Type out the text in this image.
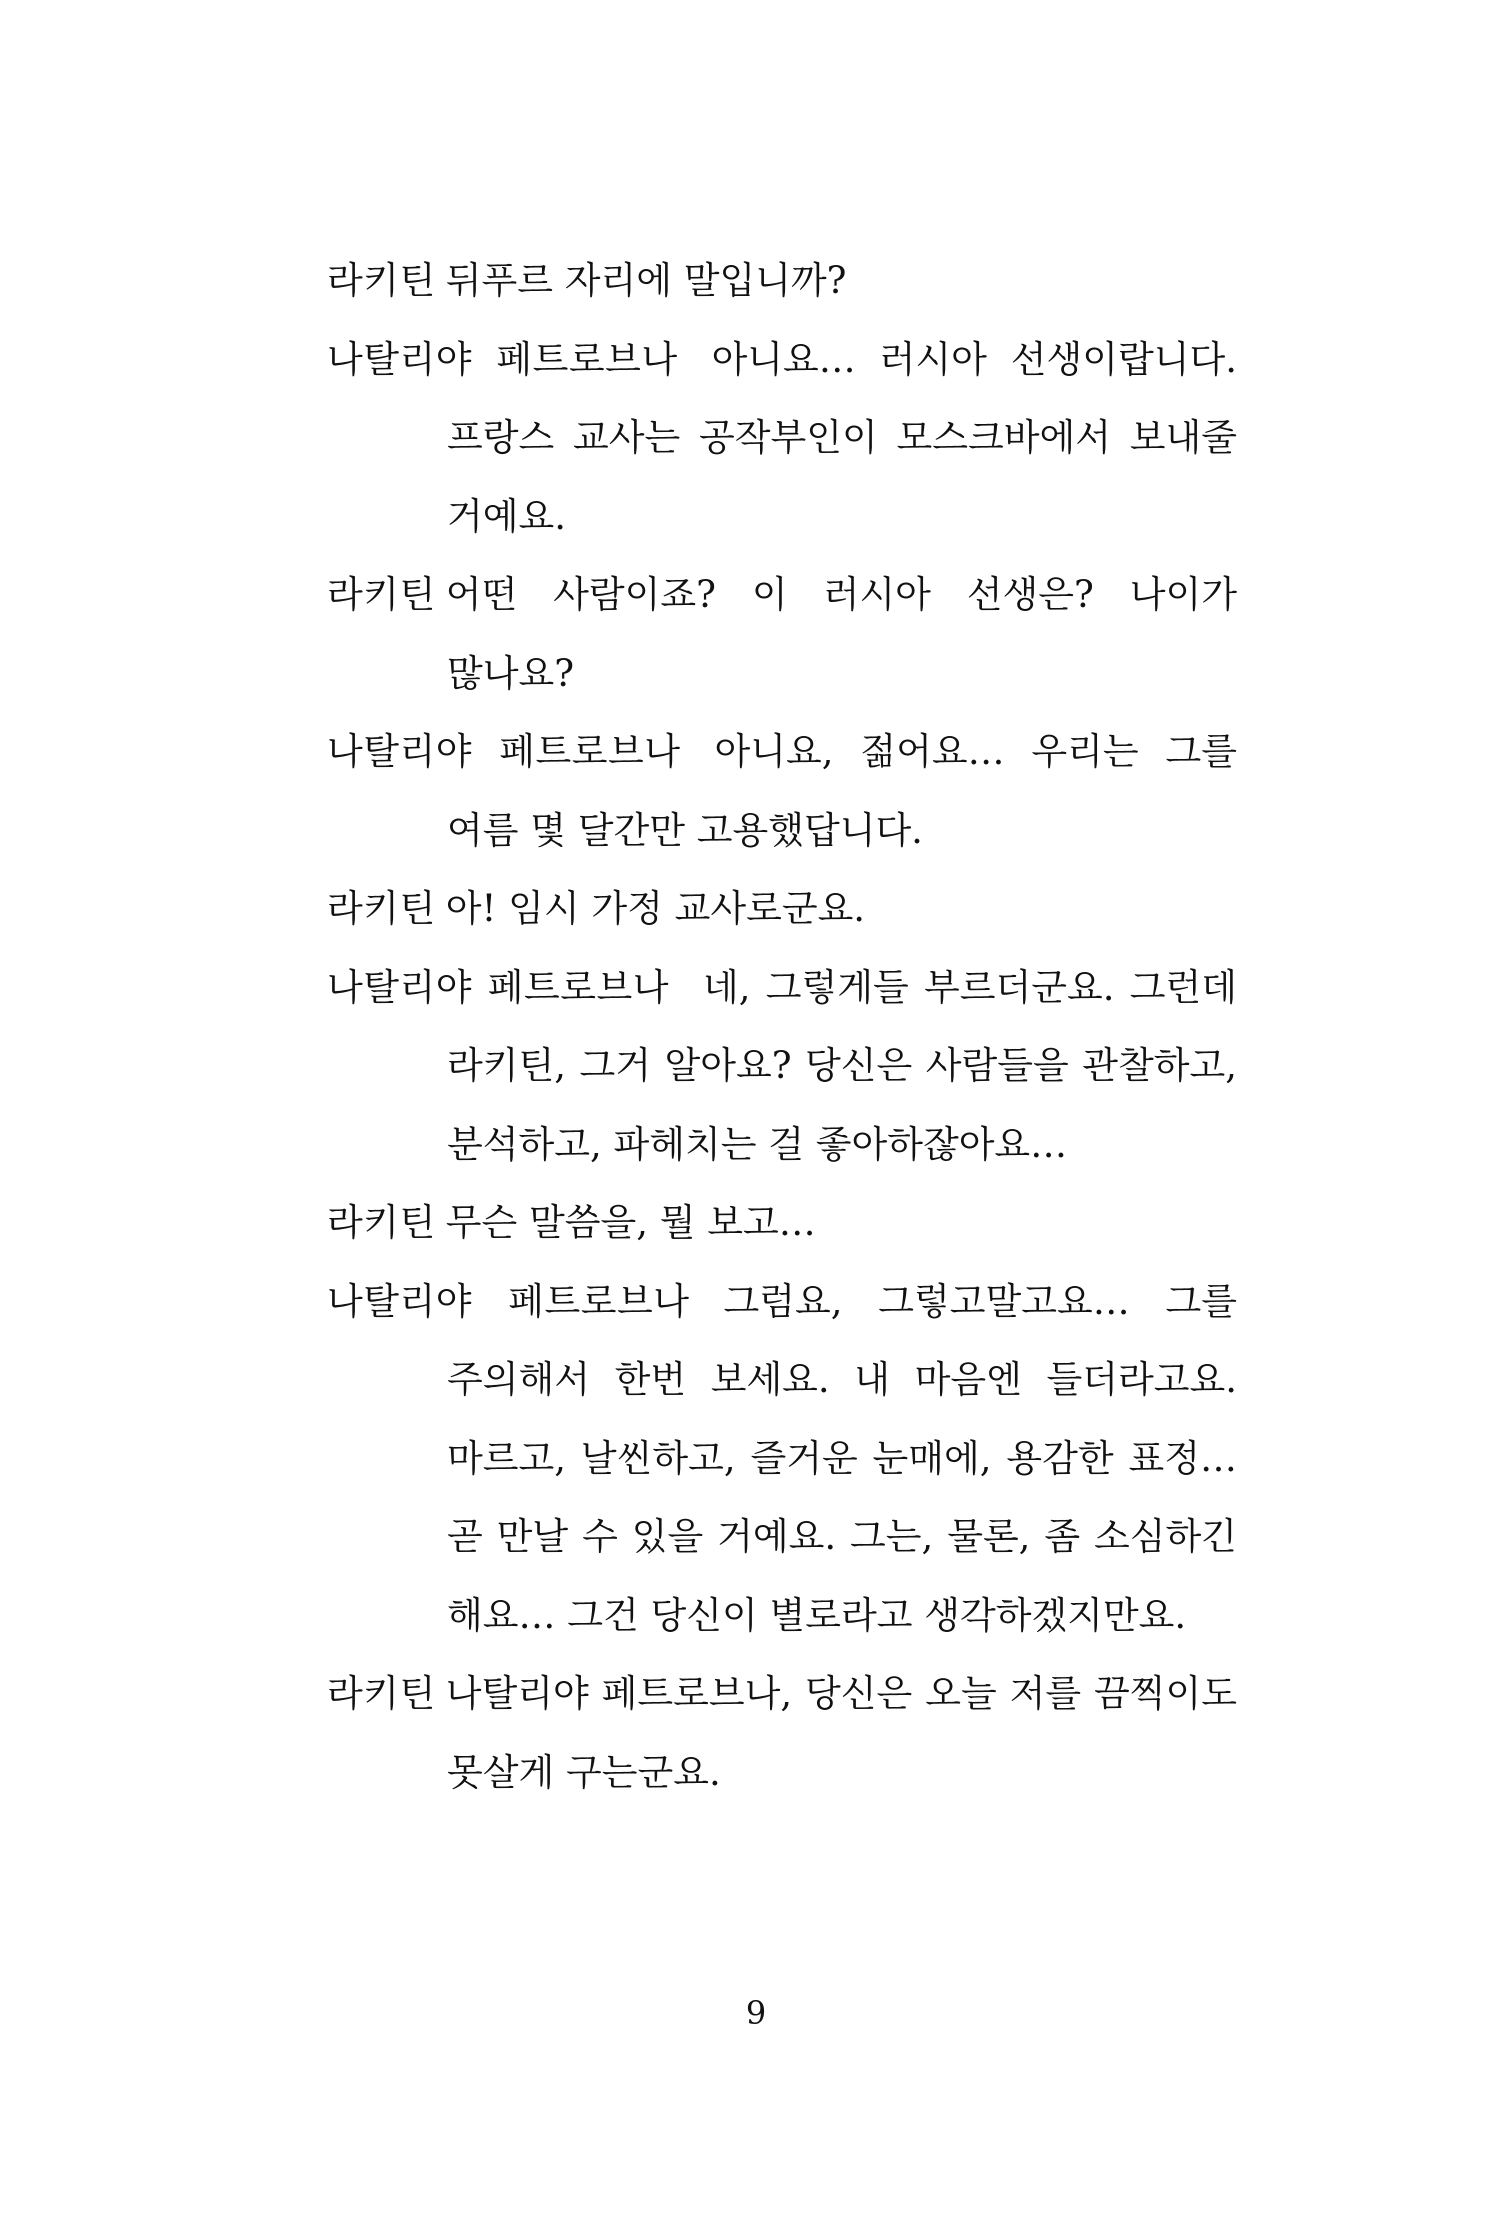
라키틴 뒤푸르 자리에 말입니까?

나탈리야 페트로브나 아니요… 러시아 선생이랍니다. 프랑스 교사는 공작부인이 모스크바에서 보내줄 거예요.

라키틴 어떤 사람이죠? 이 러시아 선생은? 나이가 많나요?

나탈리야 페트로브나 아니요, 젊어요… 우리는 그를 여름 몇 달간만 고용했답니다.

라키틴 아! 임시 가정 교사로군요.

나탈리야 페트로브나 네, 그렇게들 부르더군요. 그런데 라키틴, 그거 알아요? 당신은 사람들을 관찰하고, 분석하고, 파헤치는 걸 좋아하잖아요…

라키틴 무슨 말씀을, 뭘 보고…

나탈리야 페트로브나 그럼요, 그렇고말고요… 그를 주의해서 한번 보세요. 내 마음엔 들더라고요. 마르고, 날씬하고, 즐거운 눈매에, 용감한 표정… 곧 만날 수 있을 거예요. 그는, 물론, 좀 소심하긴 해요… 그건 당신이 별로라고 생각하겠지만요.

라키틴 나탈리야 페트로브나, 당신은 오늘 저를 끔찍이도 못살게 구는군요.

9
